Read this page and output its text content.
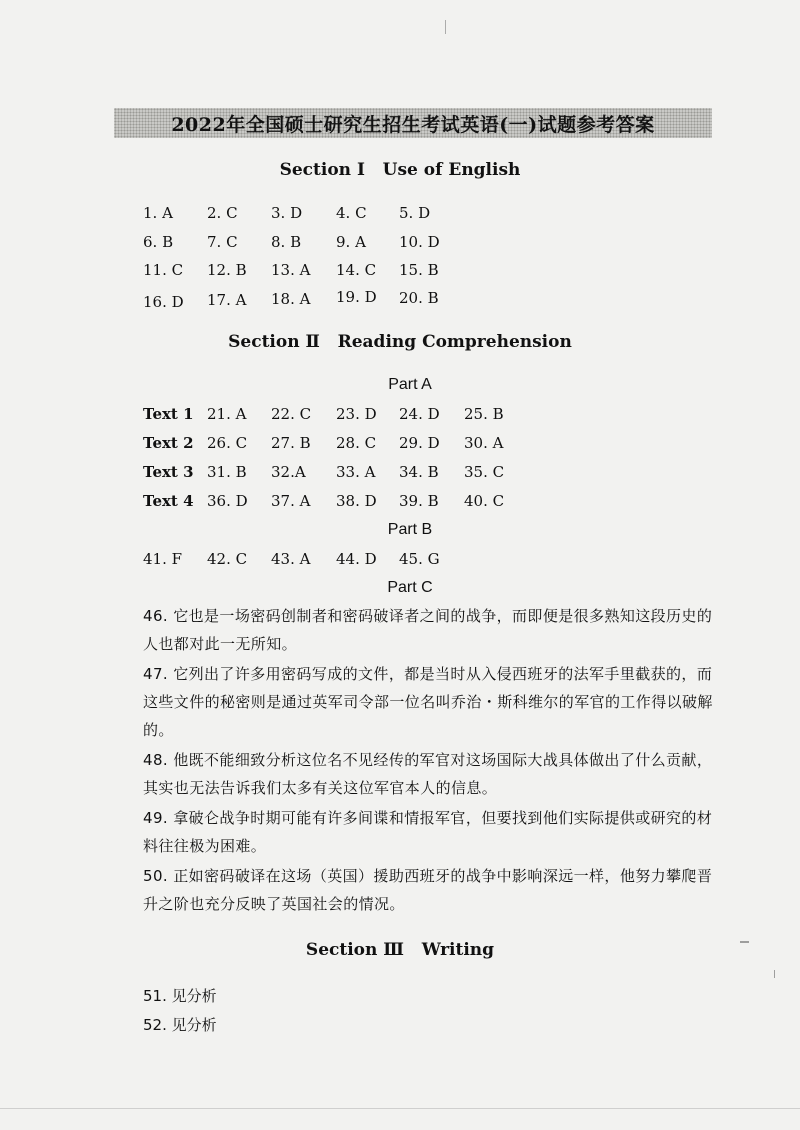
2022年全国硕士研究生招生考试英语(一)试题参考答案
Section Ⅰ   Use of English
1. A 2. C 3. D 4. C 5. D
6. B 7. C 8. B 9. A 10. D
11. C 12. B 13. A 14. C 15. B
16. D 17. A 18. A 19. D 20. B
Section Ⅱ   Reading Comprehension
Part A
Text 1 21. A 22. C 23. D 24. D 25. B
Text 2 26. C 27. B 28. C 29. D 30. A
Text 3 31. B 32.A 33. A 34. B 35. C
Text 4 36. D 37. A 38. D 39. B 40. C
Part B
41. F 42. C 43. A 44. D 45. G
Part C
46. 它也是一场密码创制者和密码破译者之间的战争，而即便是很多熟知这段历史的人也都对此一无所知。
47. 它列出了许多用密码写成的文件，都是当时从入侵西班牙的法军手里截获的，而这些文件的秘密则是通过英军司令部一位名叫乔治・斯科维尔的军官的工作得以破解的。
48. 他既不能细致分析这位名不见经传的军官对这场国际大战具体做出了什么贡献，其实也无法告诉我们太多有关这位军官本人的信息。
49. 拿破仑战争时期可能有许多间谍和情报军官，但要找到他们实际提供或研究的材料往往极为困难。
50. 正如密码破译在这场（英国）援助西班牙的战争中影响深远一样，他努力攀爬晋升之阶也充分反映了英国社会的情况。
Section Ⅲ   Writing
51. 见分析
52. 见分析
